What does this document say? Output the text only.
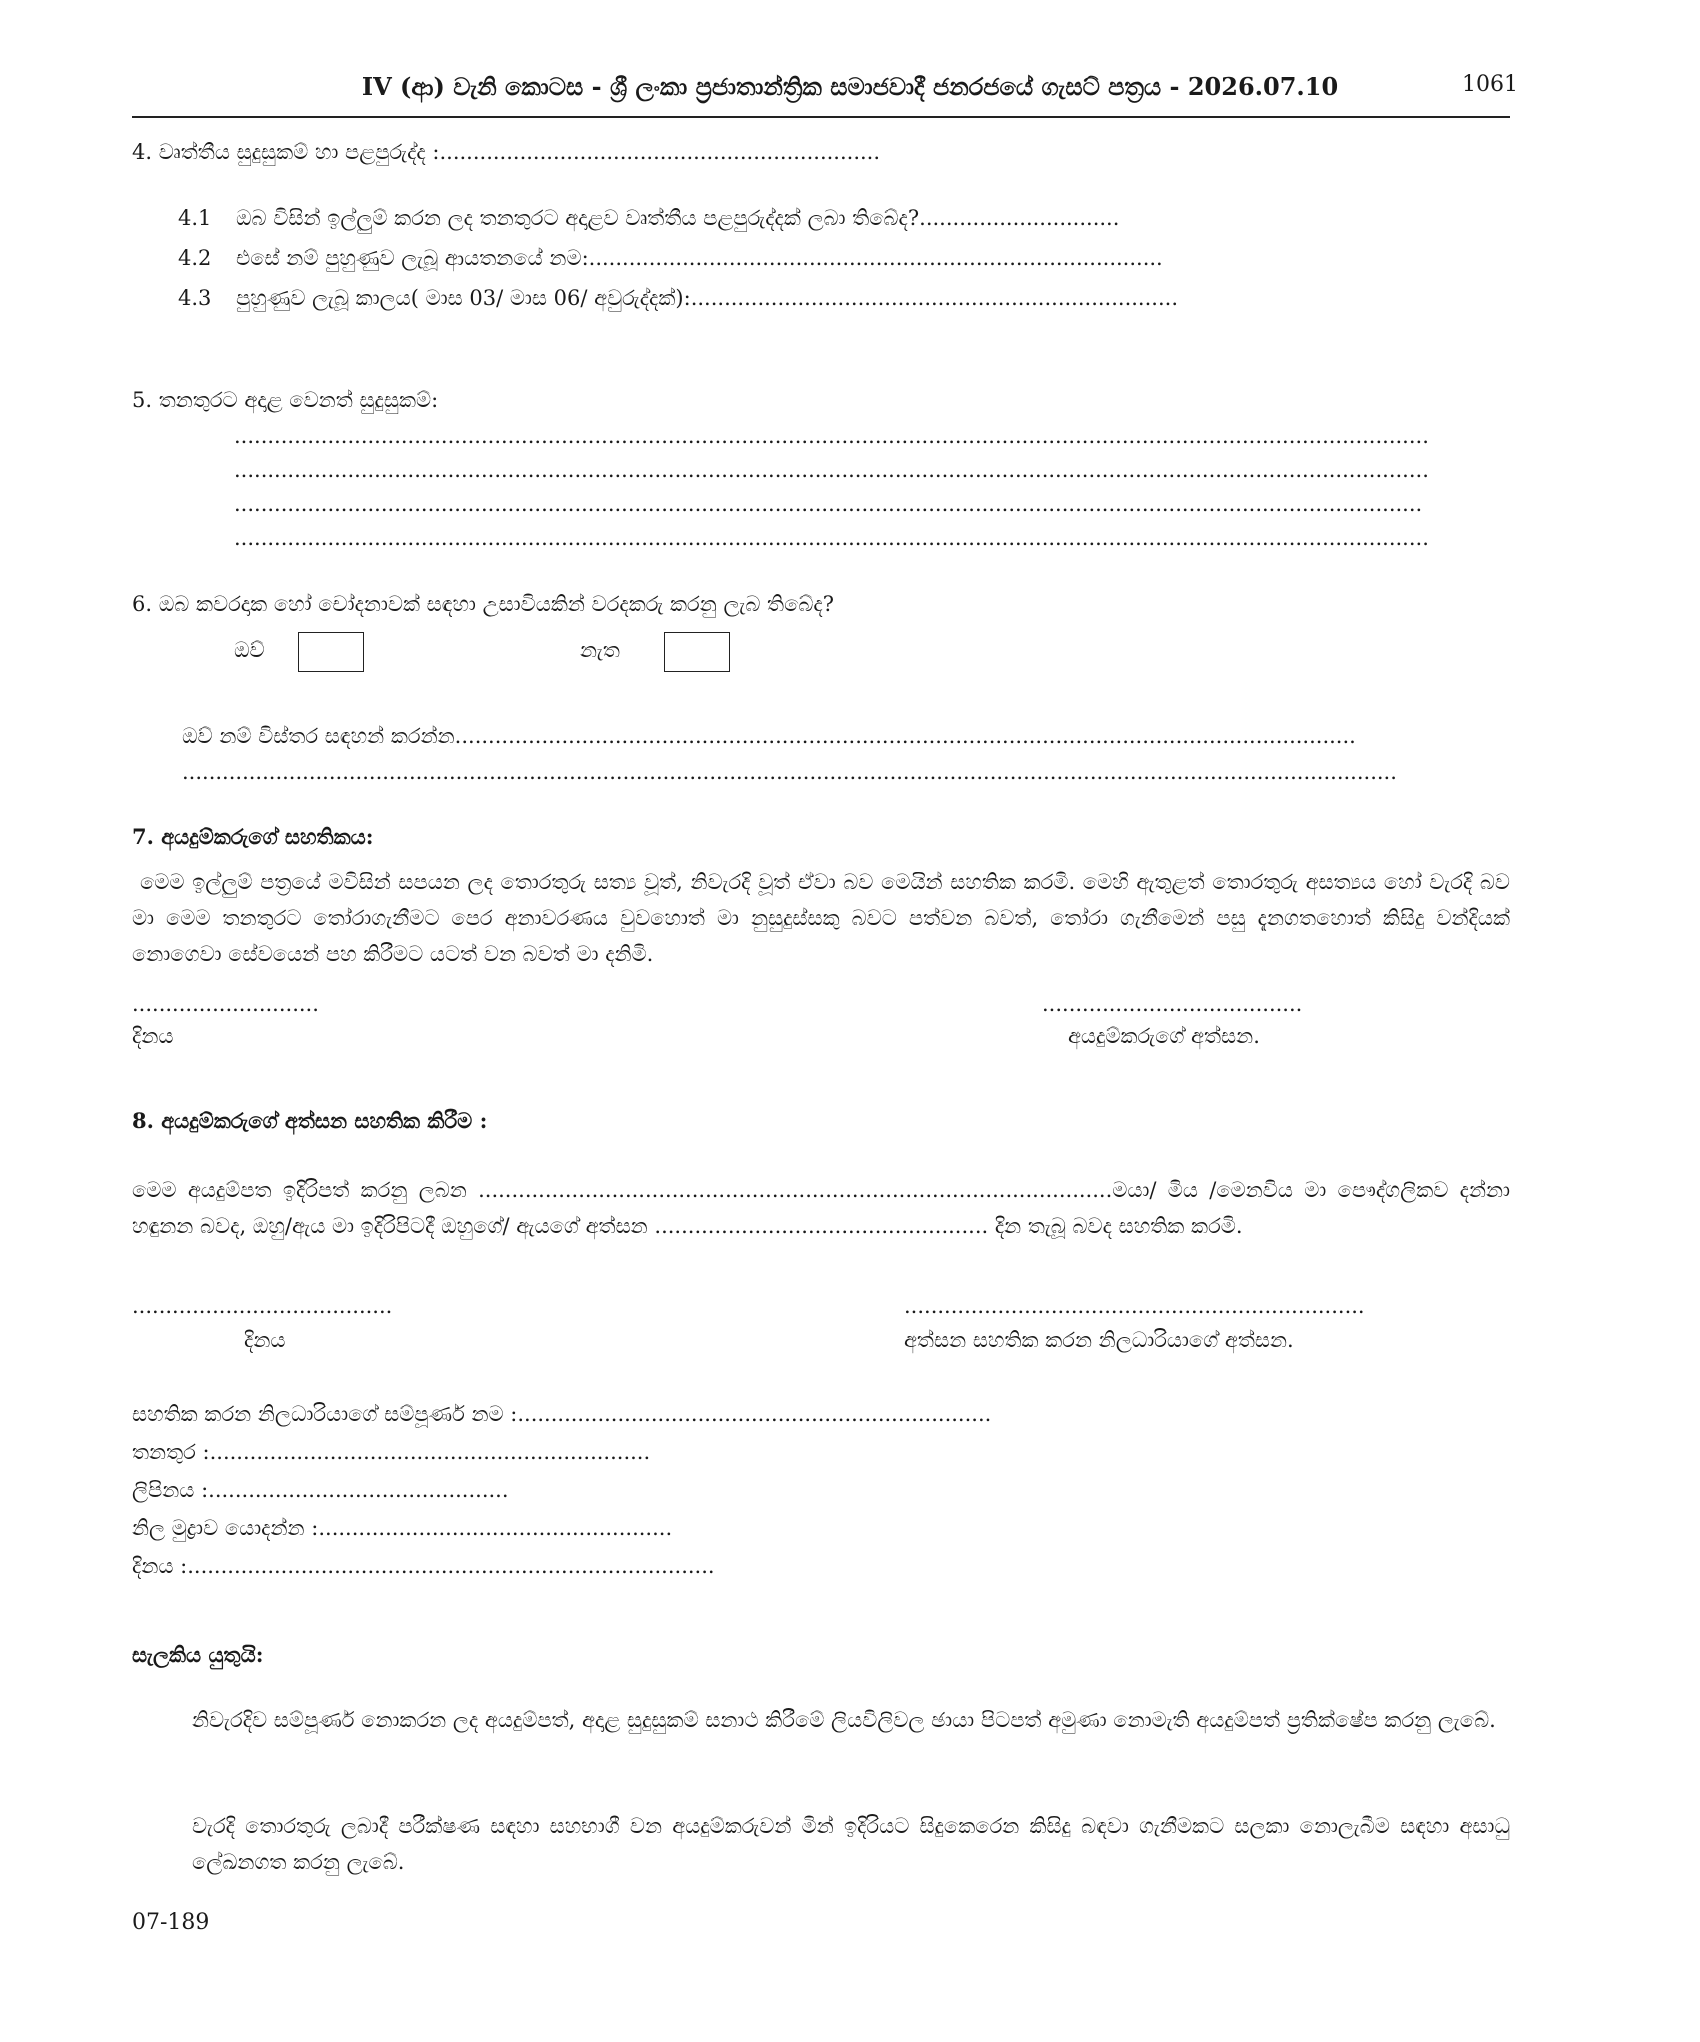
IV (ආ) වැනි කොටස - ශ්‍රී ලංකා ප්‍රජාතාන්ත්‍රික සමාජවාදී ජනරජයේ ගැසට් පත්‍රය - 2026.07.10	1061
4. වෘත්තීය සුදුසුකම් හා පළපුරුද්ද :..................................................................
4.1 ඔබ විසින් ඉල්ලුම් කරන ලද තනතුරට අදාළව වෘත්තීය පළපුරුද්දක් ලබා තිබේද?..............................
4.2 එසේ නම් පුහුණුව ලැබූ ආයතනයේ නම:......................................................................................
4.3 පුහුණුව ලැබූ කාලය( මාස 03/ මාස 06/ අවුරුද්දක්):.........................................................................
5. තනතුරට අදාළ වෙනත් සුදුසුකම්:
...................................................................................................................................................................................
...................................................................................................................................................................................
..................................................................................................................................................................................
...................................................................................................................................................................................
6. ඔබ කවරදාක හෝ චෝදනාවක් සඳහා උසාවියකින් වරදකරු කරනු ලැබ තිබේද?
ඔව්	නැත
ඔව් නම් විස්තර සඳහන් කරන්න.......................................................................................................................................
......................................................................................................................................................................................
7. අයදුම්කරුගේ සහතිකය:
මෙම ඉල්ලුම් පත්‍රයේ මවිසින් සපයන ලද තොරතුරු සත්‍ය වූත්, නිවැරදි වූත් ඒවා බව මෙයින් සහතික කරමි. මෙහි ඇතුළත් තොරතුරු අසත්‍යය හෝ වැරදි බව මා මෙම තනතුරට තෝරාගැනීමට පෙර අනාවරණය වුවහොත් මා නුසුදුස්සකු බවට පත්වන බවත්, තෝරා ගැනීමෙන් පසු දැනගතහොත් කිසිදු වන්දියක් නොගෙවා සේවයෙන් පහ කිරීමට යටත් වන බවත් මා දනිමි.
............................
දිනය
.......................................
අයදුම්කරුගේ අත්සන.
8. අයදුම්කරුගේ අත්සන සහතික කිරීම :
මෙම අයදුම්පත ඉදිරිපත් කරනු ලබන ...............................................................................................මයා/ මිය /මෙනවිය මා පෞද්ගලිකව දන්නා හඳුනන බවද, ඔහු/ඇය මා ඉදිරිපිටදී ඔහුගේ/ ඇයගේ අත්සන .................................................. දින තැබූ බවද සහතික කරමි.
.......................................
දිනය
.....................................................................
අත්සන සහතික කරන නිලධාරියාගේ අත්සන.
සහතික කරන නිලධාරියාගේ සම්පූර්ණ නම :.......................................................................
තනතුර :..................................................................
ලිපිනය :.............................................
නිල මුද්‍රාව යොදන්න :.....................................................
දිනය :...............................................................................
සැලකිය යුතුයි:
නිවැරදිව සම්පූර්ණ නොකරන ලද අයදුම්පත්, අදාළ සුදුසුකම් සනාථ කිරීමේ ලියවිලිවල ඡායා පිටපත් අමුණා නොමැති අයදුම්පත් ප්‍රතික්ෂේප කරනු ලැබේ.
වැරදි තොරතුරු ලබාදී පරීක්ෂණ සඳහා සහභාගී වන අයදුම්කරුවන් මින් ඉදිරියට සිදුකෙරෙන කිසිදු බඳවා ගැනීමකට සලකා නොලැබීම සඳහා අසාධු ලේඛනගත කරනු ලැබේ.
07-189
